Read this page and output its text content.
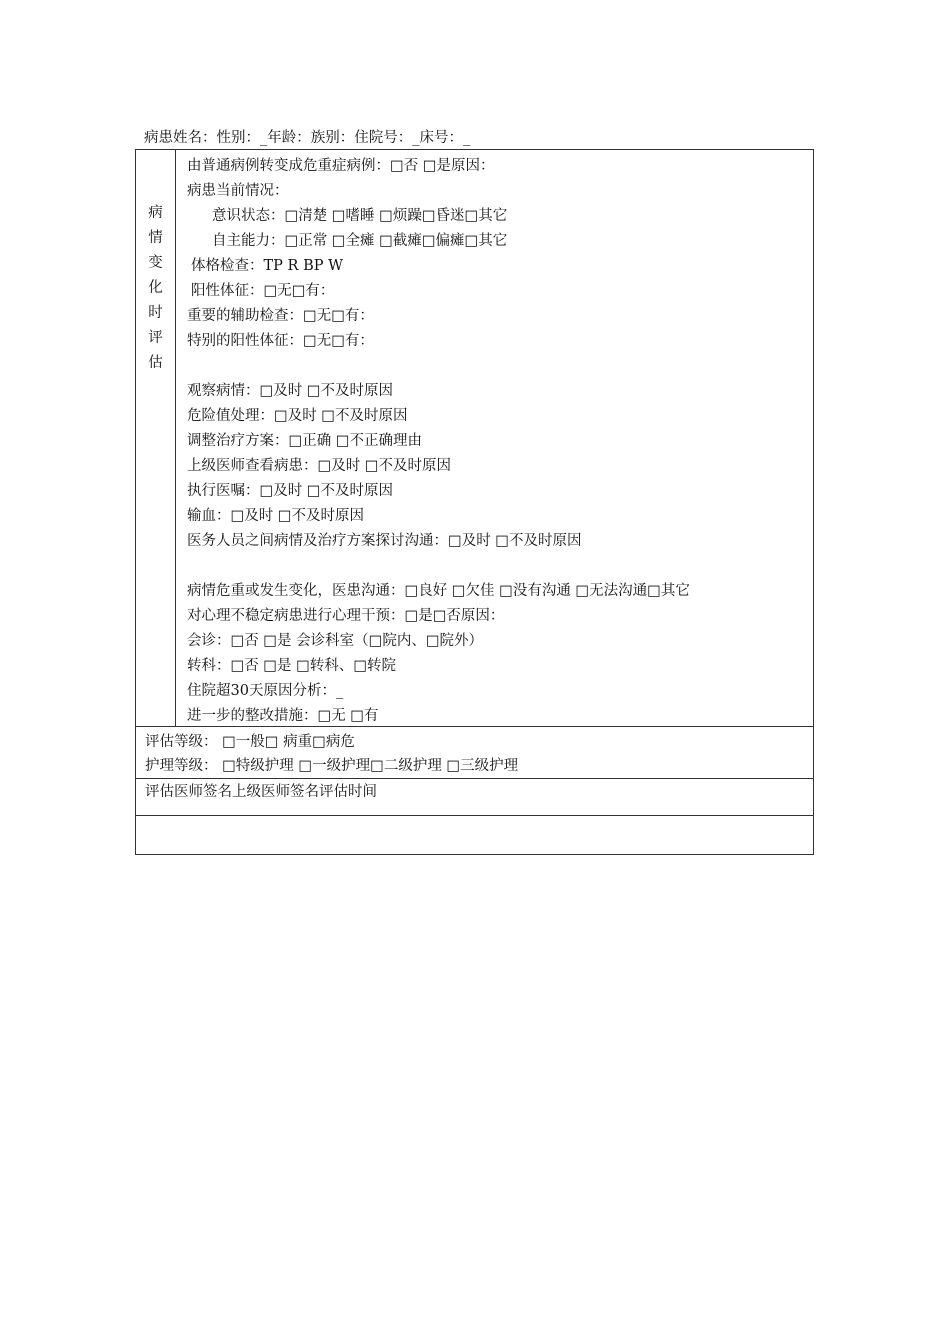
病患姓名：性别：_年龄：族别：住院号：_床号：_
病
情
变
化
时
评
估
由普通病例转变成危重症病例：□否 □是原因：
病患当前情况：
意识状态：□清楚 □嗜睡 □烦躁□昏迷□其它
自主能力：□正常 □全瘫 □截瘫□偏瘫□其它
体格检查：TP R BP W
阳性体征：□无□有：
重要的辅助检查：□无□有：
特别的阳性体征：□无□有：
观察病情：□及时 □不及时原因
危险值处理：□及时 □不及时原因
调整治疗方案：□正确 □不正确理由
上级医师查看病患：□及时 □不及时原因
执行医嘱：□及时 □不及时原因
输血：□及时 □不及时原因
医务人员之间病情及治疗方案探讨沟通：□及时 □不及时原因
病情危重或发生变化，医患沟通：□良好 □欠佳 □没有沟通 □无法沟通□其它
对心理不稳定病患进行心理干预：□是□否原因：
会诊：□否 □是 会诊科室（□院内、□院外）
转科：□否 □是 □转科、□转院
住院超30天原因分析：_
进一步的整改措施：□无 □有
评估等级： □一般□ 病重□病危
护理等级： □特级护理 □一级护理□二级护理 □三级护理
评估医师签名上级医师签名评估时间
